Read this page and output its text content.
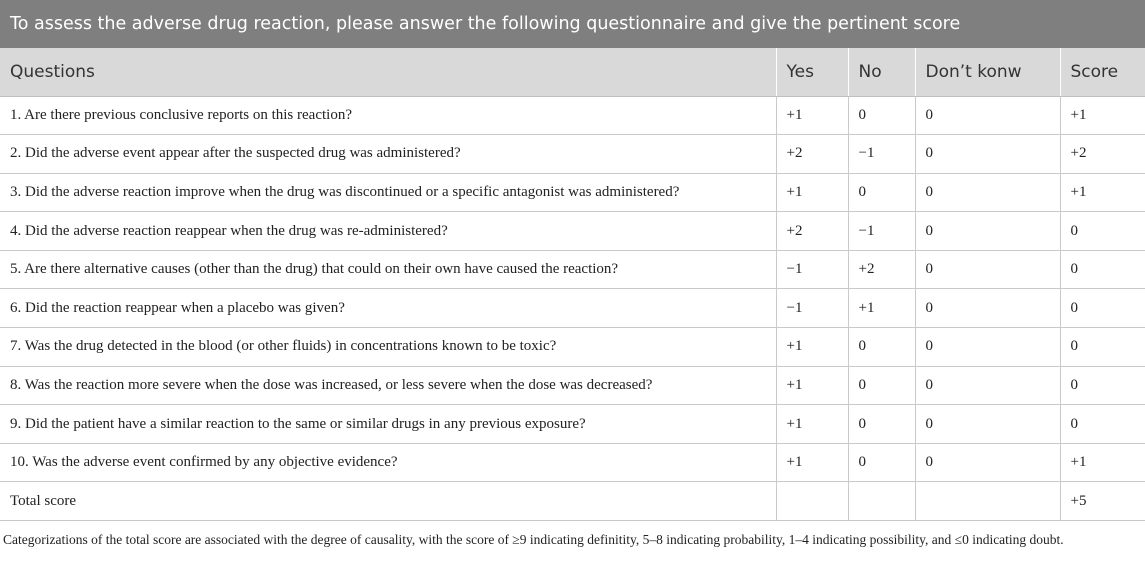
To assess the adverse drug reaction, please answer the following questionnaire and give the pertinent score
Questions	Yes	No	Don’t konw	Score
1. Are there previous conclusive reports on this reaction?	+1	0	0	+1
2. Did the adverse event appear after the suspected drug was administered?	+2	−1	0	+2
3. Did the adverse reaction improve when the drug was discontinued or a specific antagonist was administered?	+1	0	0	+1
4. Did the adverse reaction reappear when the drug was re-administered?	+2	−1	0	0
5. Are there alternative causes (other than the drug) that could on their own have caused the reaction?	−1	+2	0	0
6. Did the reaction reappear when a placebo was given?	−1	+1	0	0
7. Was the drug detected in the blood (or other fluids) in concentrations known to be toxic?	+1	0	0	0
8. Was the reaction more severe when the dose was increased, or less severe when the dose was decreased?	+1	0	0	0
9. Did the patient have a similar reaction to the same or similar drugs in any previous exposure?	+1	0	0	0
10. Was the adverse event confirmed by any objective evidence?	+1	0	0	+1
Total score				+5
Categorizations of the total score are associated with the degree of causality, with the score of ≥9 indicating definitity, 5–8 indicating probability, 1–4 indicating possibility, and ≤0 indicating doubt.
